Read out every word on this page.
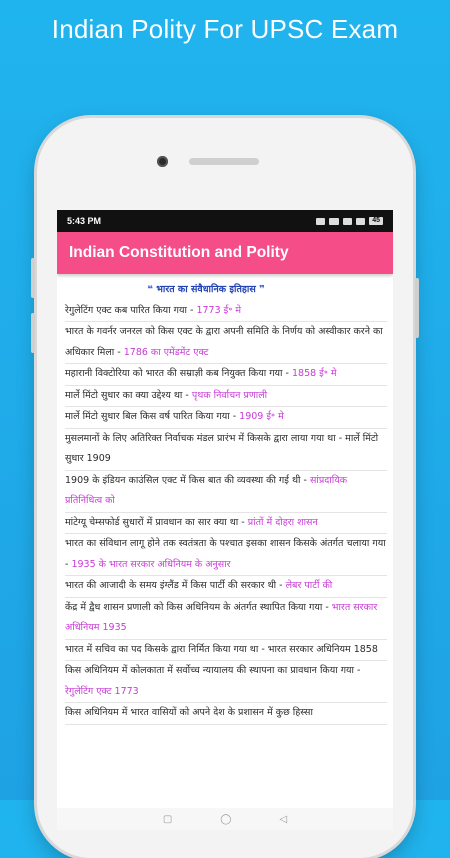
Indian Polity For UPSC Exam
5:43 PM	45
Indian Constitution and Polity
❝ भारत का संवैधानिक इतिहास ❞
रेगुलेटिंग एक्ट कब पारित किया गया - 1773 ई॰ मे
भारत के गवर्नर जनरल को किस एक्ट के द्वारा अपनी समिति के निर्णय को अस्वीकार करने का अधिकार मिला - 1786 का एमेंडमेंट एक्ट
महारानी विक्टोरिया को भारत की सम्राज्ञी कब नियुक्त किया गया - 1858 ई॰ मे
मार्ले मिंटो सुधार का क्या उद्देश्य था - पृथक निर्वाचन प्रणाली
मार्ले मिंटो सुधार बिल किस वर्ष पारित किया गया - 1909 ई॰ मे
मुसलमानों के लिए अतिरिक्त निर्वाचक मंडल प्रारंभ में किसके द्वारा लाया गया था - मार्ले मिंटो सुधार 1909
1909 के इंडियन काउंसिल एक्ट में किस बात की व्यवस्था की गई थी - सांप्रदायिक प्रतिनिधित्व को
मांटेग्यू चेम्सफोर्ड सुधारों में प्रावधान का सार क्या था - प्रांतों में दोहरा शासन
भारत का संविधान लागू होने तक स्वतंत्रता के पश्चात इसका शासन किसके अंतर्गत चलाया गया - 1935 के भारत सरकार अधिनियम के अनुसार
भारत की आजादी के समय इंग्लैंड में किस पार्टी की सरकार थी - लेबर पार्टी की
केंद्र में द्वैध शासन प्रणाली को किस अधिनियम के अंतर्गत स्थापित किया गया - भारत सरकार अधिनियम 1935
भारत में सचिव का पद किसके द्वारा निर्मित किया गया था - भारत सरकार अधिनियम 1858
किस अधिनियम में कोलकाता में सर्वोच्च न्यायालय की स्थापना का प्रावधान किया गया - रेगुलेटिंग एक्ट 1773
किस अधिनियम में भारत वासियों को अपने देश के प्रशासन में कुछ हिस्सा
▢	◯	◁
